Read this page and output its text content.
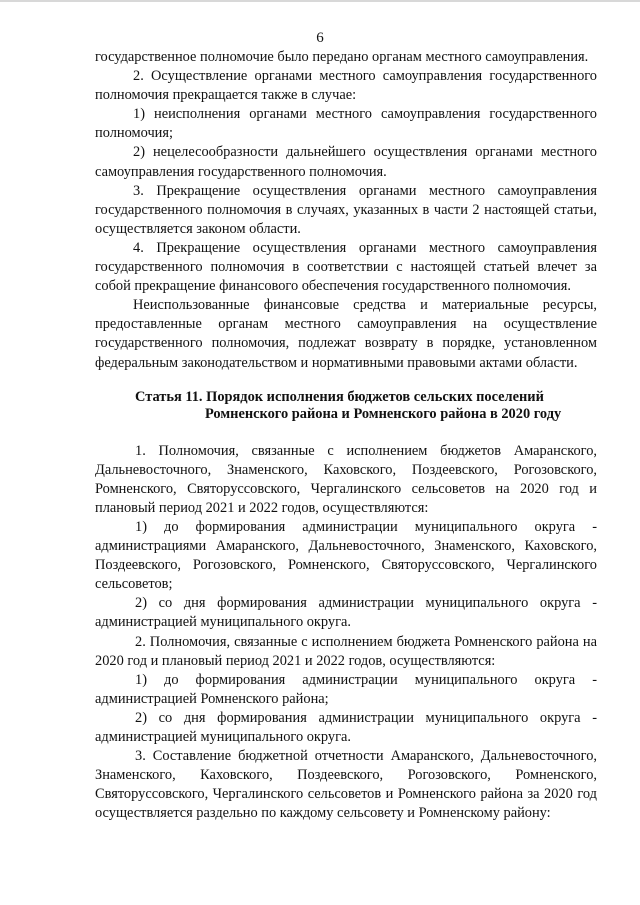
6

государственное полномочие было передано органам местного самоуправления.

2. Осуществление органами местного самоуправления государственного полномочия прекращается также в случае:

1) неисполнения органами местного самоуправления государственного полномочия;

2) нецелесообразности дальнейшего осуществления органами местного самоуправления государственного полномочия.

3. Прекращение осуществления органами местного самоуправления государственного полномочия в случаях, указанных в части 2 настоящей статьи, осуществляется законом области.

4. Прекращение осуществления органами местного самоуправления государственного полномочия в соответствии с настоящей статьей влечет за собой прекращение финансового обеспечения государственного полномочия.

Неиспользованные финансовые средства и материальные ресурсы, предоставленные органам местного самоуправления на осуществление государственного полномочия, подлежат возврату в порядке, установленном федеральным законодательством и нормативными правовыми актами области.

Статья 11. Порядок исполнения бюджетов сельских поселений
Ромненского района и Ромненского района в 2020 году

1. Полномочия, связанные с исполнением бюджетов Амаранского, Дальневосточного, Знаменского, Каховского, Поздеевского, Рогозовского, Ромненского, Святоруссовского, Чергалинского сельсоветов на 2020 год и плановый период 2021 и 2022 годов, осуществляются:

1) до формирования администрации муниципального округа - администрациями Амаранского, Дальневосточного, Знаменского, Каховского, Поздеевского, Рогозовского, Ромненского, Святоруссовского, Чергалинского сельсоветов;

2) со дня формирования администрации муниципального округа - администрацией муниципального округа.

2. Полномочия, связанные с исполнением бюджета Ромненского района на 2020 год и плановый период 2021 и 2022 годов, осуществляются:

1) до формирования администрации муниципального округа - администрацией Ромненского района;

2) со дня формирования администрации муниципального округа - администрацией муниципального округа.

3. Составление бюджетной отчетности Амаранского, Дальневосточного, Знаменского, Каховского, Поздеевского, Рогозовского, Ромненского, Святоруссовского, Чергалинского сельсоветов и Ромненского района за 2020 год осуществляется раздельно по каждому сельсовету и Ромненскому району:
